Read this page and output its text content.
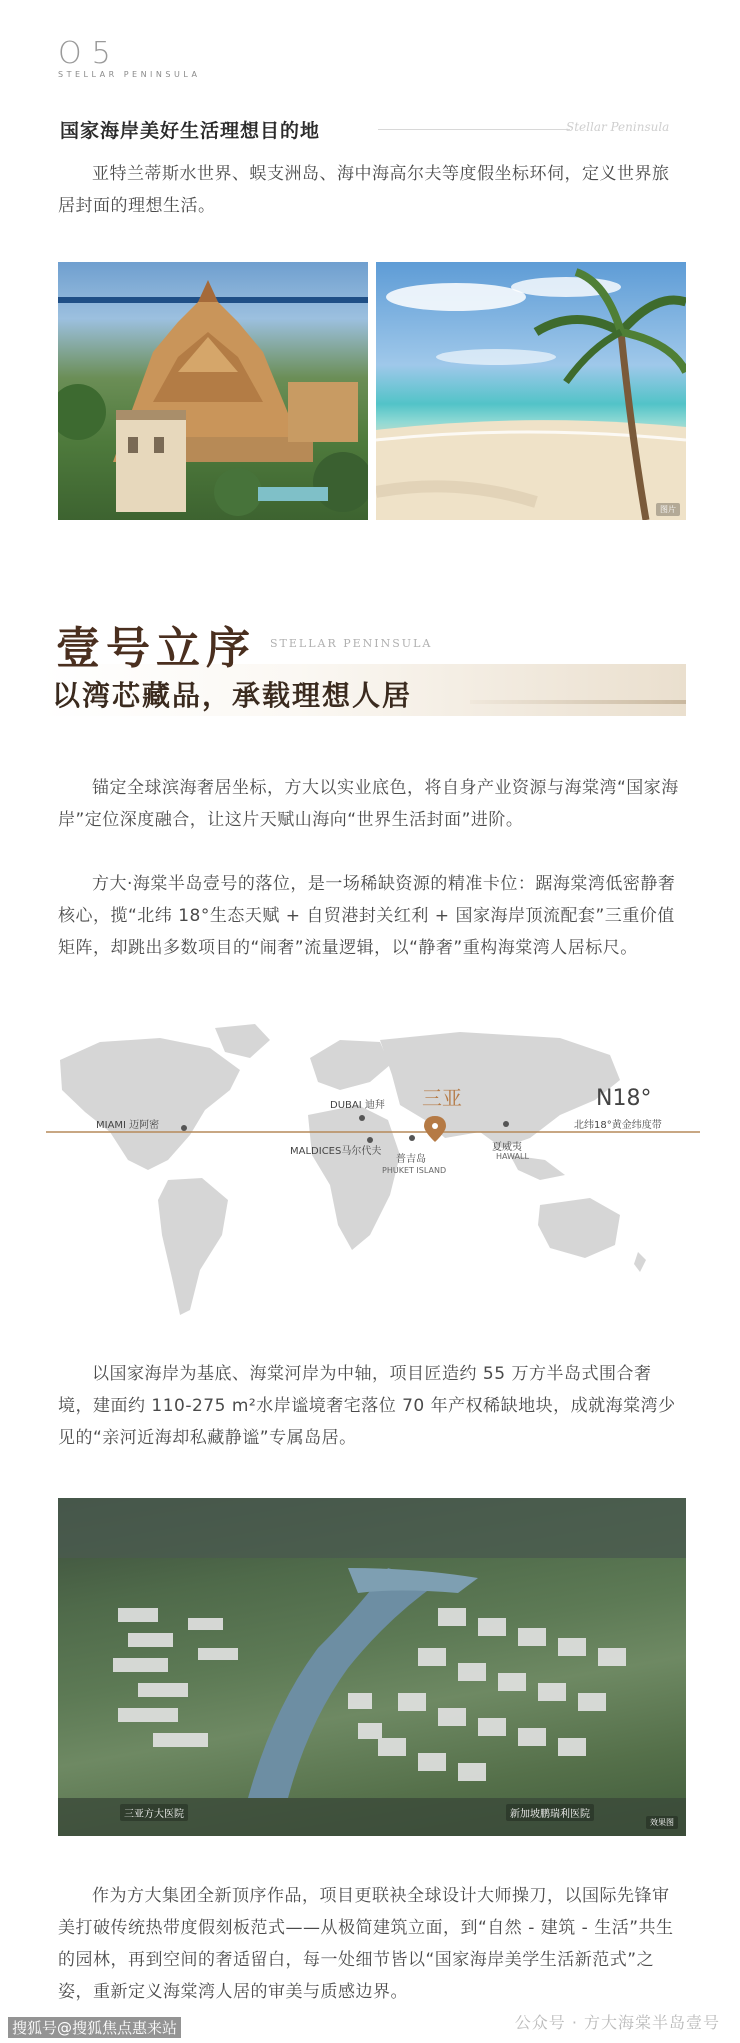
O5
STELLAR PENINSULA
国家海岸美好生活理想目的地	Stellar Peninsula
亚特兰蒂斯水世界、蜈支洲岛、海中海高尔夫等度假坐标环伺，定义世界旅居封面的理想生活。
图片
壹号立序 STELLAR PENINSULA
以湾芯藏品，承载理想人居
锚定全球滨海奢居坐标，方大以实业底色，将自身产业资源与海棠湾“国家海岸”定位深度融合，让这片天赋山海向“世界生活封面”进阶。
方大·海棠半岛壹号的落位，是一场稀缺资源的精准卡位：踞海棠湾低密静奢核心，揽“北纬 18°生态天赋 + 自贸港封关红利 + 国家海岸顶流配套”三重价值矩阵，却跳出多数项目的“闹奢”流量逻辑，以“静奢”重构海棠湾人居标尺。
MIAMI 迈阿密
DUBAI 迪拜 三亚
MALDICES马尔代夫
普吉岛
PHUKET ISLAND
夏威夷
HAWALL
N18°
北纬18°黄金纬度带
以国家海岸为基底、海棠河岸为中轴，项目匠造约 55 万方半岛式围合奢境，建面约 110-275 m²水岸谧境奢宅落位 70 年产权稀缺地块，成就海棠湾少见的“亲河近海却私藏静谧”专属岛居。
三亚方大医院	新加坡鹏瑞利医院
效果图
作为方大集团全新顶序作品，项目更联袂全球设计大师操刀，以国际先锋审美打破传统热带度假刻板范式——从极简建筑立面，到“自然 - 建筑 - 生活”共生的园林，再到空间的奢适留白，每一处细节皆以“国家海岸美学生活新范式”之姿，重新定义海棠湾人居的审美与质感边界。
公众号 · 方大海棠半岛壹号
搜狐号@搜狐焦点惠来站
